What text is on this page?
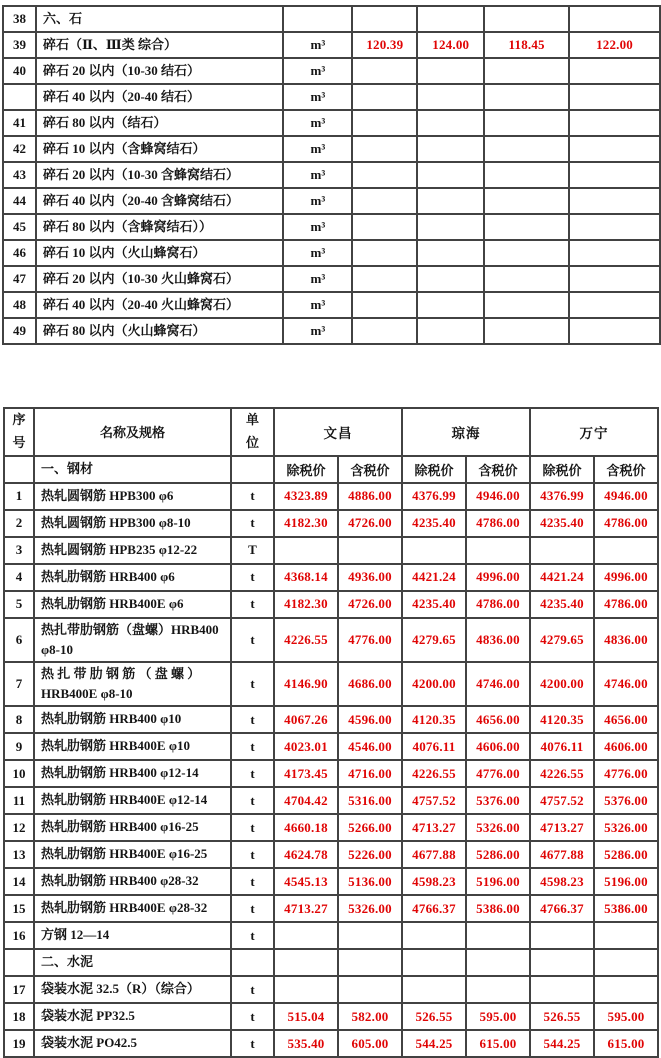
38	六、石					
39	碎石（Ⅱ、Ⅲ类 综合）	m³	120.39	124.00	118.45	122.00
40	碎石 20 以内（10-30 结石）	m³				
	碎石 40 以内（20-40 结石）	m³				
41	碎石 80 以内（结石）	m³				
42	碎石 10 以内（含蜂窝结石）	m³				
43	碎石 20 以内（10-30 含蜂窝结石）	m³				
44	碎石 40 以内（20-40 含蜂窝结石）	m³				
45	碎石 80 以内（含蜂窝结石））	m³				
46	碎石 10 以内（火山蜂窝石）	m³				
47	碎石 20 以内（10-30 火山蜂窝石）	m³				
48	碎石 40 以内（20-40 火山蜂窝石）	m³				
49	碎石 80 以内（火山蜂窝石）	m³				
序号	名称及规格	单位	文昌		琼海		万宁	
	一、钢材		除税价	含税价	除税价	含税价	除税价	含税价
1	热轧圆钢筋 HPB300 φ6	t	4323.89	4886.00	4376.99	4946.00	4376.99	4946.00
2	热轧圆钢筋 HPB300 φ8-10	t	4182.30	4726.00	4235.40	4786.00	4235.40	4786.00
3	热轧圆钢筋 HPB235 φ12-22	T						
4	热轧肋钢筋 HRB400 φ6	t	4368.14	4936.00	4421.24	4996.00	4421.24	4996.00
5	热轧肋钢筋 HRB400E φ6	t	4182.30	4726.00	4235.40	4786.00	4235.40	4786.00
6	热扎带肋钢筋（盘螺）HRB400 φ8-10	t	4226.55	4776.00	4279.65	4836.00	4279.65	4836.00
7	热 扎 带 肋 钢 筋 （ 盘 螺 ） HRB400E φ8-10	t	4146.90	4686.00	4200.00	4746.00	4200.00	4746.00
8	热轧肋钢筋 HRB400 φ10	t	4067.26	4596.00	4120.35	4656.00	4120.35	4656.00
9	热轧肋钢筋 HRB400E φ10	t	4023.01	4546.00	4076.11	4606.00	4076.11	4606.00
10	热轧肋钢筋 HRB400 φ12-14	t	4173.45	4716.00	4226.55	4776.00	4226.55	4776.00
11	热轧肋钢筋 HRB400E φ12-14	t	4704.42	5316.00	4757.52	5376.00	4757.52	5376.00
12	热轧肋钢筋 HRB400 φ16-25	t	4660.18	5266.00	4713.27	5326.00	4713.27	5326.00
13	热轧肋钢筋 HRB400E φ16-25	t	4624.78	5226.00	4677.88	5286.00	4677.88	5286.00
14	热轧肋钢筋 HRB400 φ28-32	t	4545.13	5136.00	4598.23	5196.00	4598.23	5196.00
15	热轧肋钢筋 HRB400E φ28-32	t	4713.27	5326.00	4766.37	5386.00	4766.37	5386.00
16	方钢 12—14	t						
	二、水泥							
17	袋装水泥 32.5（R）（综合）	t						
18	袋装水泥 PP32.5	t	515.04	582.00	526.55	595.00	526.55	595.00
19	袋装水泥 PO42.5	t	535.40	605.00	544.25	615.00	544.25	615.00
